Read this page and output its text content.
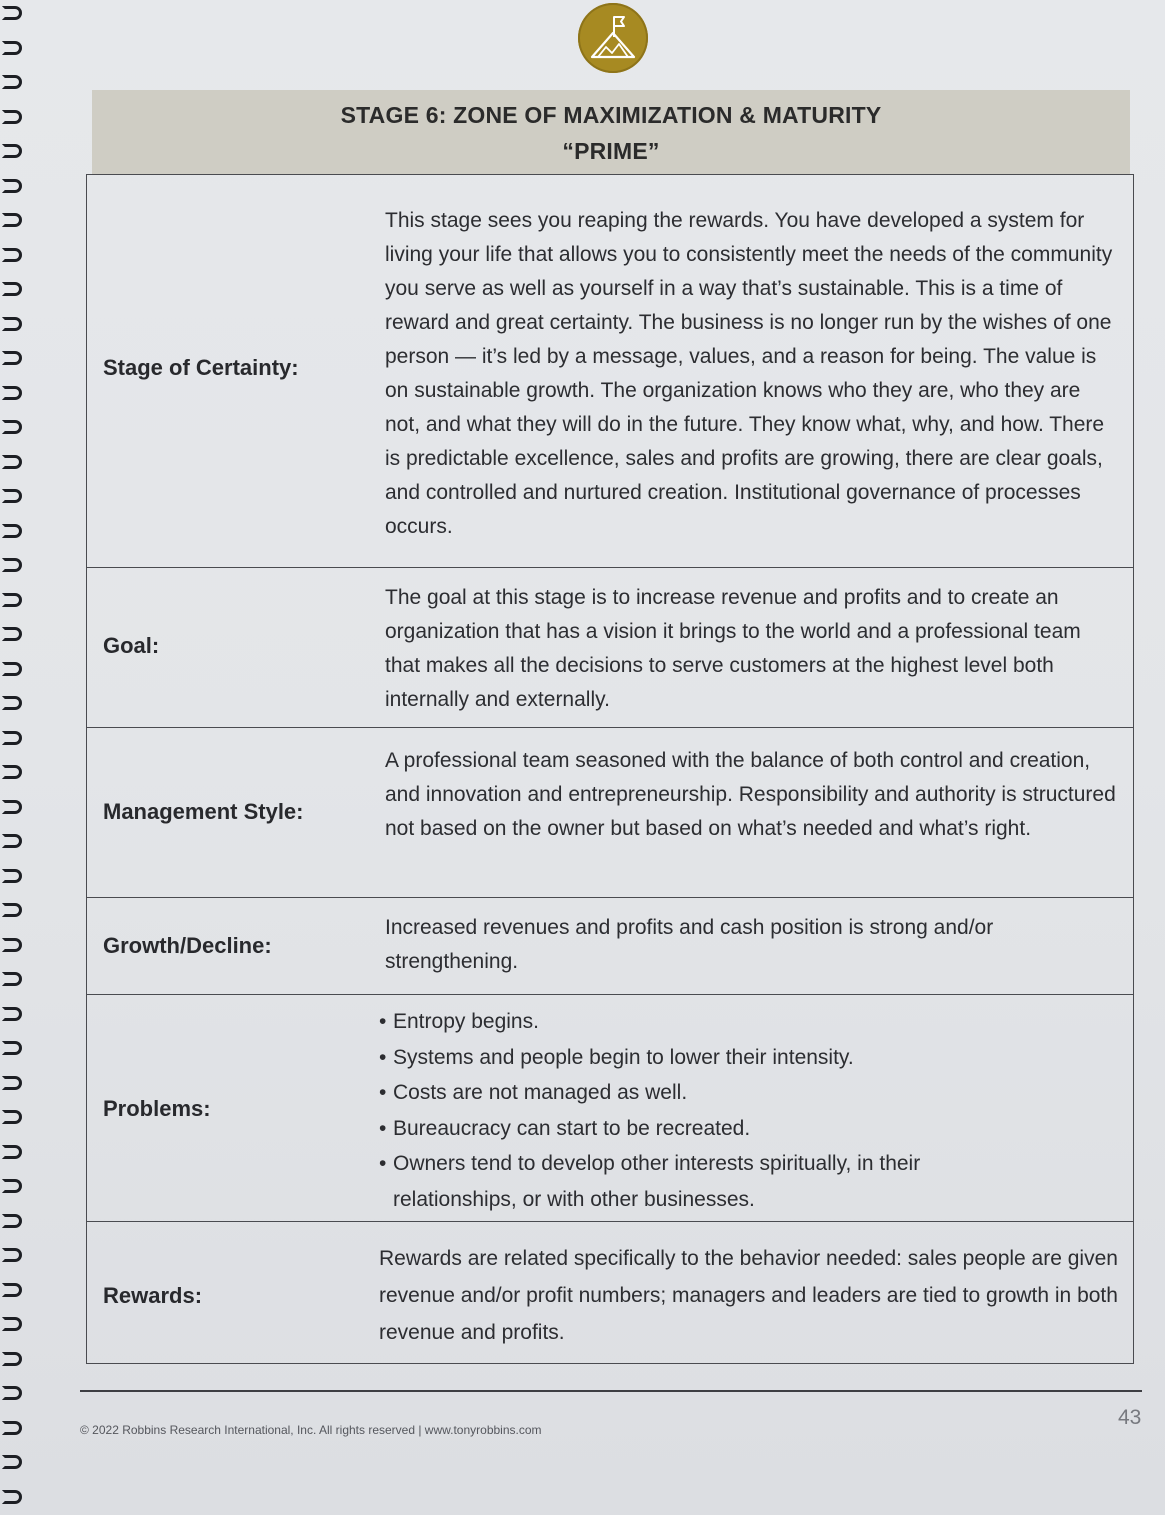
STAGE 6: ZONE OF MAXIMIZATION & MATURITY
“PRIME”
Stage of Certainty:
This stage sees you reaping the rewards. You have developed a system for living your life that allows you to consistently meet the needs of the community you serve as well as yourself in a way that’s sustainable. This is a time of reward and great certainty. The business is no longer run by the wishes of one person — it’s led by a message, values, and a reason for being. The value is on sustainable growth. The organization knows who they are, who they are not, and what they will do in the future. They know what, why, and how. There is predictable excellence, sales and profits are growing, there are clear goals, and controlled and nurtured creation. Institutional governance of processes occurs.
Goal:
The goal at this stage is to increase revenue and profits and to create an organization that has a vision it brings to the world and a professional team that makes all the decisions to serve customers at the highest level both internally and externally.
Management Style:
A professional team seasoned with the balance of both control and creation, and innovation and entrepreneurship. Responsibility and authority is structured not based on the owner but based on what’s needed and what’s right.
Growth/Decline:
Increased revenues and profits and cash position is strong and/or strengthening.
Problems:
• Entropy begins.
• Systems and people begin to lower their intensity.
• Costs are not managed as well.
• Bureaucracy can start to be recreated.
• Owners tend to develop other interests spiritually, in their relationships, or with other businesses.
Rewards:
Rewards are related specifically to the behavior needed: sales people are given revenue and/or profit numbers; managers and leaders are tied to growth in both revenue and profits.
© 2022 Robbins Research International, Inc. All rights reserved | www.tonyrobbins.com
43
